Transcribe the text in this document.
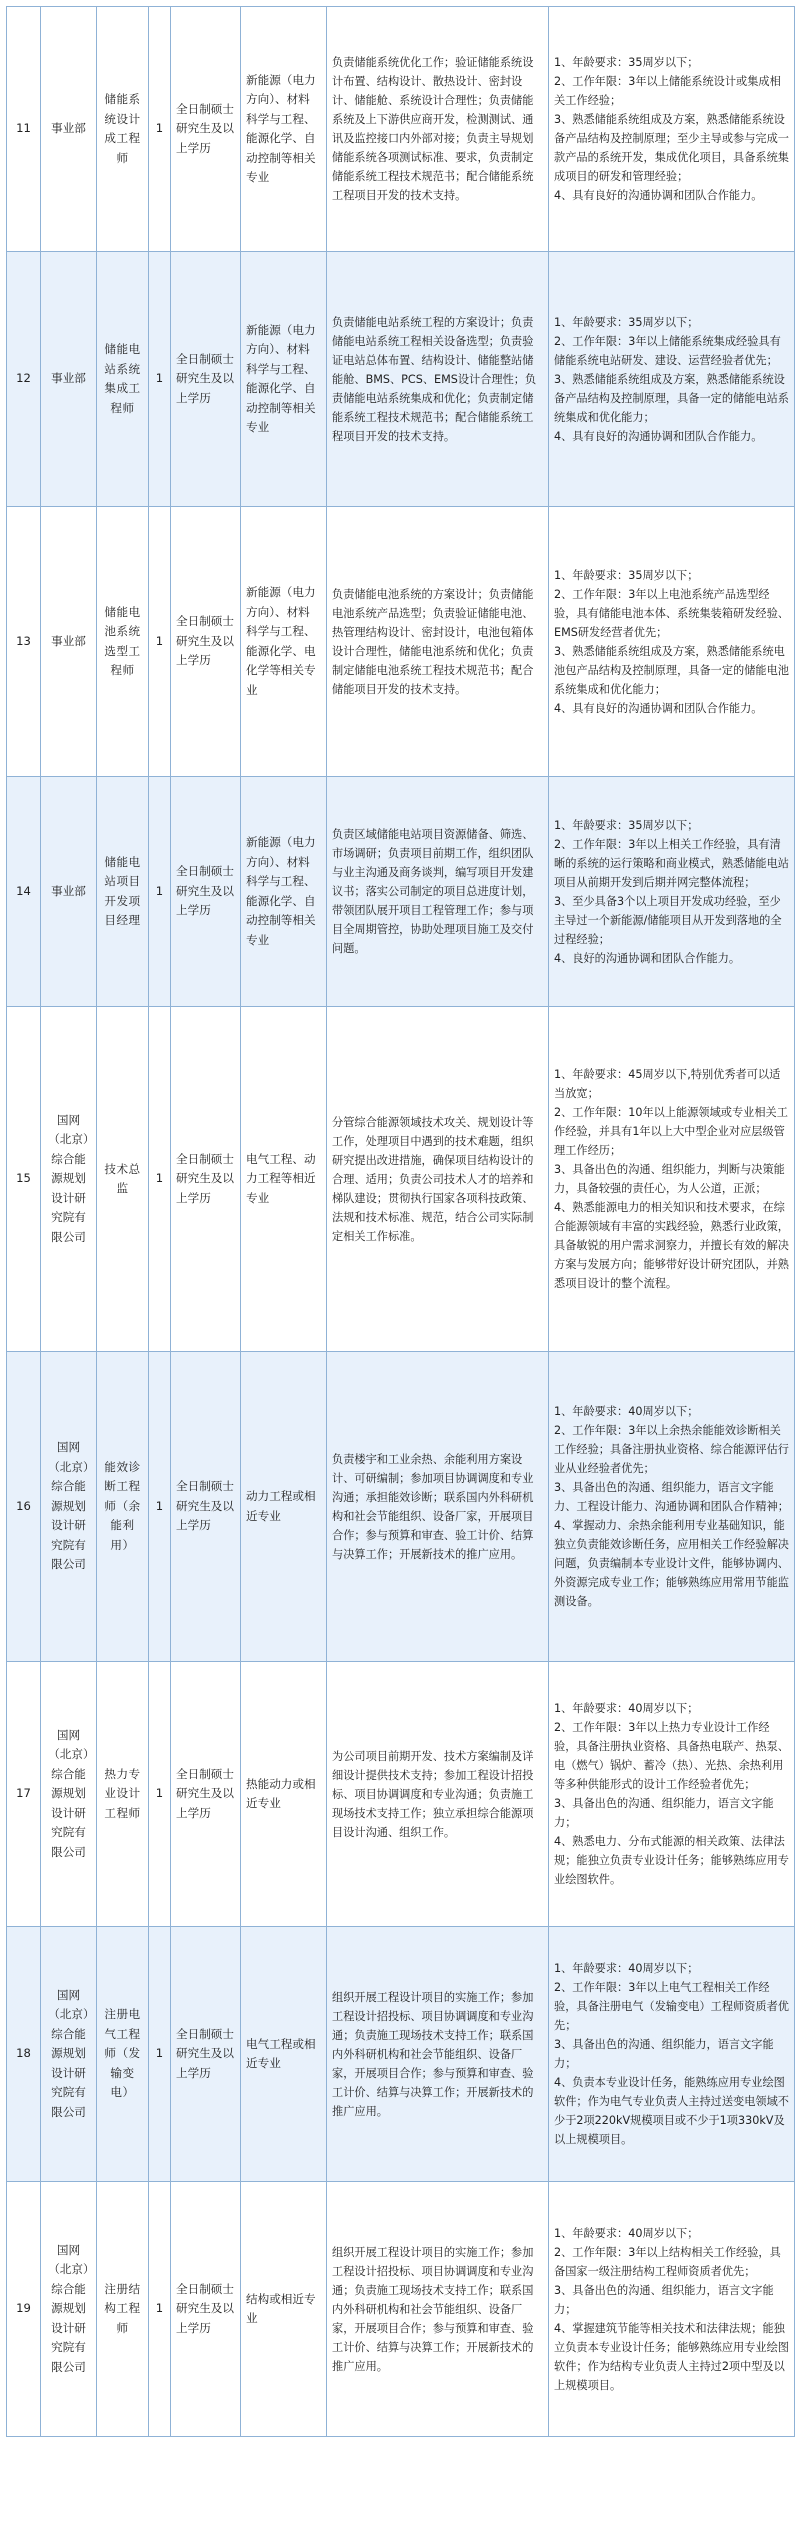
11	事业部	储能系统设计成工程师	1	全日制硕士研究生及以上学历	新能源（电力方向）、材料科学与工程、能源化学、自动控制等相关专业	负责储能系统优化工作；验证储能系统设计布置、结构设计、散热设计、密封设计、储能舱、系统设计合理性；负责储能系统及上下游供应商开发，检测测试、通讯及监控接口内外部对接；负责主导规划储能系统各项测试标准、要求，负责制定储能系统工程技术规范书；配合储能系统工程项目开发的技术支持。	1、年龄要求：35周岁以下；
2、工作年限：3年以上储能系统设计或集成相关工作经验；
3、熟悉储能系统组成及方案，熟悉储能系统设备产品结构及控制原理；至少主导或参与完成一款产品的系统开发，集成优化项目，具备系统集成项目的研发和管理经验；
4、具有良好的沟通协调和团队合作能力。

12	事业部	储能电站系统集成工程师	1	全日制硕士研究生及以上学历	新能源（电力方向）、材料科学与工程、能源化学、自动控制等相关专业	负责储能电站系统工程的方案设计；负责储能电站系统工程相关设备选型；负责验证电站总体布置、结构设计、储能整站储能舱、BMS、PCS、EMS设计合理性；负责储能电站系统集成和优化；负责制定储能系统工程技术规范书；配合储能系统工程项目开发的技术支持。	1、年龄要求：35周岁以下；
2、工作年限：3年以上储能系统集成经验具有储能系统电站研发、建设、运营经验者优先；
3、熟悉储能系统组成及方案，熟悉储能系统设备产品结构及控制原理，具备一定的储能电站系统集成和优化能力；
4、具有良好的沟通协调和团队合作能力。

13	事业部	储能电池系统选型工程师	1	全日制硕士研究生及以上学历	新能源（电力方向）、材料科学与工程、能源化学、电化学等相关专业	负责储能电池系统的方案设计；负责储能电池系统产品选型；负责验证储能电池、热管理结构设计、密封设计，电池包箱体设计合理性，储能电池系统和优化；负责制定储能电池系统工程技术规范书；配合储能项目开发的技术支持。	1、年龄要求：35周岁以下；
2、工作年限：3年以上电池系统产品选型经验，具有储能电池本体、系统集装箱研发经验、EMS研发经营者优先；
3、熟悉储能系统组成及方案，熟悉储能系统电池包产品结构及控制原理，具备一定的储能电池系统集成和优化能力；
4、具有良好的沟通协调和团队合作能力。

14	事业部	储能电站项目开发项目经理	1	全日制硕士研究生及以上学历	新能源（电力方向）、材料科学与工程、能源化学、自动控制等相关专业	负责区域储能电站项目资源储备、筛选、市场调研；负责项目前期工作，组织团队与业主沟通及商务谈判，编写项目开发建议书；落实公司制定的项目总进度计划，带领团队展开项目工程管理工作；参与项目全周期管控，协助处理项目施工及交付问题。	1、年龄要求：35周岁以下；
2、工作年限：3年以上相关工作经验，具有清晰的系统的运行策略和商业模式，熟悉储能电站项目从前期开发到后期并网完整体流程；
3、至少具备3个以上项目开发成功经验，至少主导过一个新能源/储能项目从开发到落地的全过程经验；
4、良好的沟通协调和团队合作能力。

15	国网（北京）综合能源规划设计研究院有限公司	技术总监	1	全日制硕士研究生及以上学历	电气工程、动力工程等相近专业	分管综合能源领域技术攻关、规划设计等工作，处理项目中遇到的技术难题，组织研究提出改进措施，确保项目结构设计的合理、适用；负责公司技术人才的培养和梯队建设；贯彻执行国家各项科技政策、法规和技术标准、规范，结合公司实际制定相关工作标准。	1、年龄要求：45周岁以下,特别优秀者可以适当放宽；
2、工作年限：10年以上能源领域或专业相关工作经验，并具有1年以上大中型企业对应层级管理工作经历；
3、具备出色的沟通、组织能力，判断与决策能力，具备较强的责任心，为人公道，正派；
4、熟悉能源电力的相关知识和技术要求，在综合能源领域有丰富的实践经验，熟悉行业政策，具备敏锐的用户需求洞察力，并擅长有效的解决方案与发展方向；能够带好设计研究团队，并熟悉项目设计的整个流程。

16	国网（北京）综合能源规划设计研究院有限公司	能效诊断工程师（余能利用）	1	全日制硕士研究生及以上学历	动力工程或相近专业	负责楼宇和工业余热、余能利用方案设计、可研编制；参加项目协调调度和专业沟通；承担能效诊断；联系国内外科研机构和社会节能组织、设备厂家，开展项目合作；参与预算和审查、验工计价、结算与决算工作；开展新技术的推广应用。	1、年龄要求：40周岁以下；
2、工作年限：3年以上余热余能能效诊断相关工作经验；具备注册执业资格、综合能源评估行业从业经验者优先；
3、具备出色的沟通、组织能力，语言文字能力、工程设计能力、沟通协调和团队合作精神；
4、掌握动力、余热余能利用专业基础知识，能独立负责能效诊断任务，应用相关工作经验解决问题，负责编制本专业设计文件，能够协调内、外资源完成专业工作；能够熟练应用常用节能监测设备。

17	国网（北京）综合能源规划设计研究院有限公司	热力专业设计工程师	1	全日制硕士研究生及以上学历	热能动力或相近专业	为公司项目前期开发、技术方案编制及详细设计提供技术支持；参加工程设计招投标、项目协调调度和专业沟通；负责施工现场技术支持工作；独立承担综合能源项目设计沟通、组织工作。	1、年龄要求：40周岁以下；
2、工作年限：3年以上热力专业设计工作经验，具备注册执业资格、具备热电联产、热泵、电（燃气）锅炉、蓄冷（热）、光热、余热利用等多种供能形式的设计工作经验者优先；
3、具备出色的沟通、组织能力，语言文字能力；
4、熟悉电力、分布式能源的相关政策、法律法规；能独立负责专业设计任务；能够熟练应用专业绘图软件。

18	国网（北京）综合能源规划设计研究院有限公司	注册电气工程师（发输变电）	1	全日制硕士研究生及以上学历	电气工程或相近专业	组织开展工程设计项目的实施工作；参加工程设计招投标、项目协调调度和专业沟通；负责施工现场技术支持工作；联系国内外科研机构和社会节能组织、设备厂家，开展项目合作；参与预算和审查、验工计价、结算与决算工作；开展新技术的推广应用。	1、年龄要求：40周岁以下；
2、工作年限：3年以上电气工程相关工作经验，具备注册电气（发输变电）工程师资质者优先；
3、具备出色的沟通、组织能力，语言文字能力；
4、负责本专业设计任务，能熟练应用专业绘图软件；作为电气专业负责人主持过送变电领域不少于2项220kV规模项目或不少于1项330kV及以上规模项目。

19	国网（北京）综合能源规划设计研究院有限公司	注册结构工程师	1	全日制硕士研究生及以上学历	结构或相近专业	组织开展工程设计项目的实施工作；参加工程设计招投标、项目协调调度和专业沟通；负责施工现场技术支持工作；联系国内外科研机构和社会节能组织、设备厂家，开展项目合作；参与预算和审查、验工计价、结算与决算工作；开展新技术的推广应用。	1、年龄要求：40周岁以下；
2、工作年限：3年以上结构相关工作经验，具备国家一级注册结构工程师资质者优先；
3、具备出色的沟通、组织能力，语言文字能力；
4、掌握建筑节能等相关技术和法律法规；能独立负责本专业设计任务；能够熟练应用专业绘图软件；作为结构专业负责人主持过2项中型及以上规模项目。
